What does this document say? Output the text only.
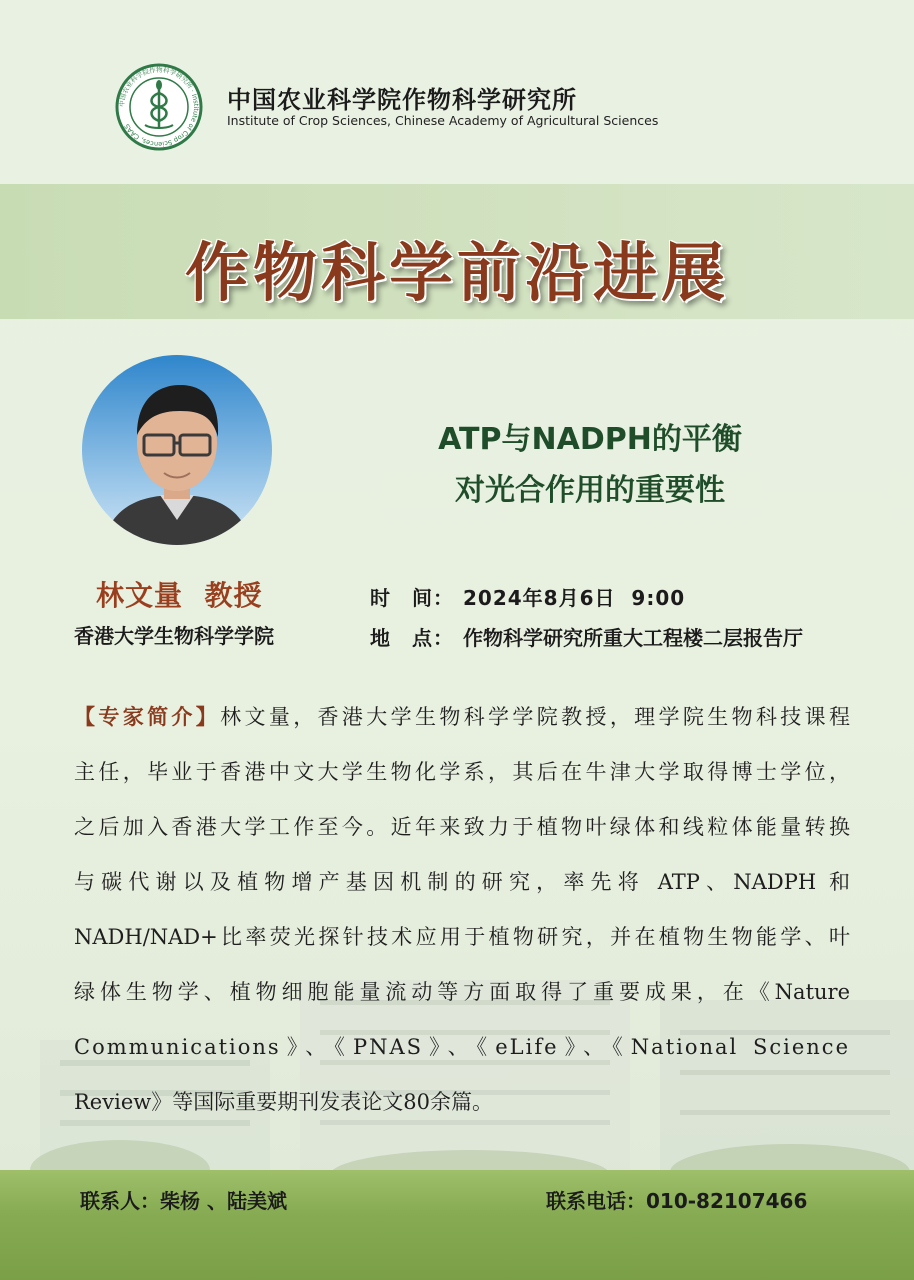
中国农业科学院作物科学研究所 · Institute of Crop Sciences, CAAS
中国农业科学院作物科学研究所
Institute of Crop Sciences, Chinese Academy of Agricultural Sciences
作物科学前沿进展
ATP与NADPH的平衡
对光合作用的重要性
林文量  教授
香港大学生物科学学院
时　间： 2024年8月6日  9:00
地　点： 作物科学研究所重大工程楼二层报告厅
【专家简介】林文量，香港大学生物科学学院教授，理学院生物科技课程
主任，毕业于香港中文大学生物化学系，其后在牛津大学取得博士学位，
之后加入香港大学工作至今。近年来致力于植物叶绿体和线粒体能量转换
与碳代谢以及植物增产基因机制的研究，率先将 ATP、NADPH 和
NADH/NAD+比率荧光探针技术应用于植物研究，并在植物生物能学、叶
绿体生物学、植物细胞能量流动等方面取得了重要成果，在《Nature
Communications》、《PNAS》、《eLife》、《National Science
Review》等国际重要期刊发表论文80余篇。
联系人：柴杨 、陆美斌	联系电话：010-82107466
